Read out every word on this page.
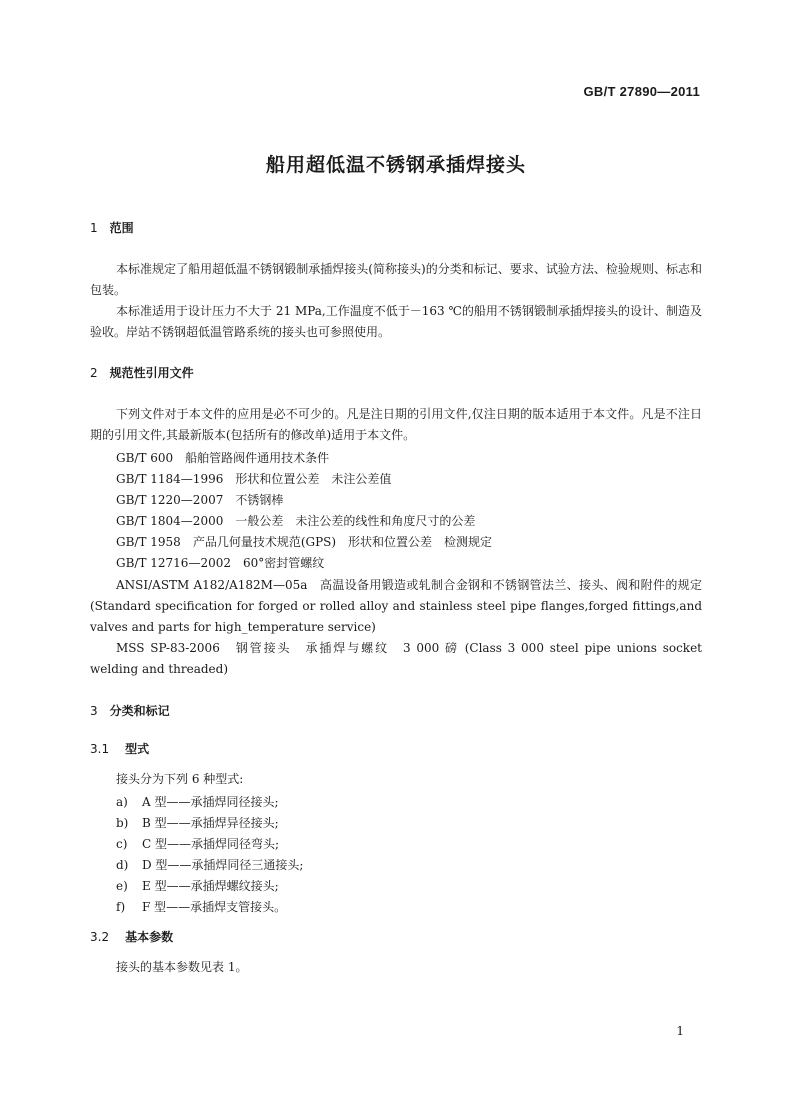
GB/T 27890—2011
船用超低温不锈钢承插焊接头
1 范围
本标准规定了船用超低温不锈钢锻制承插焊接头(简称接头)的分类和标记、要求、试验方法、检验规则、标志和包装。
本标准适用于设计压力不大于 21 MPa,工作温度不低于－163 ℃的船用不锈钢锻制承插焊接头的设计、制造及验收。岸站不锈钢超低温管路系统的接头也可参照使用。
2 规范性引用文件
下列文件对于本文件的应用是必不可少的。凡是注日期的引用文件,仅注日期的版本适用于本文件。凡是不注日期的引用文件,其最新版本(包括所有的修改单)适用于本文件。
GB/T 600 船舶管路阀件通用技术条件
GB/T 1184—1996 形状和位置公差　未注公差值
GB/T 1220—2007 不锈钢棒
GB/T 1804—2000 一般公差　未注公差的线性和角度尺寸的公差
GB/T 1958 产品几何量技术规范(GPS)　形状和位置公差　检测规定
GB/T 12716—2002 60°密封管螺纹
ANSI/ASTM A182/A182M—05a　高温设备用锻造或轧制合金钢和不锈钢管法兰、接头、阀和附件的规定(Standard specification for forged or rolled alloy and stainless steel pipe flanges,forged fittings,and valves and parts for high_temperature service)
MSS SP-83-2006　钢管接头　承插焊与螺纹　3 000 磅 (Class 3 000 steel pipe unions socket welding and threaded)
3 分类和标记
3.1 型式
接头分为下列 6 种型式:
a) A 型——承插焊同径接头;
b) B 型——承插焊异径接头;
c) C 型——承插焊同径弯头;
d) D 型——承插焊同径三通接头;
e) E 型——承插焊螺纹接头;
f) F 型——承插焊支管接头。
3.2 基本参数
接头的基本参数见表 1。
1
